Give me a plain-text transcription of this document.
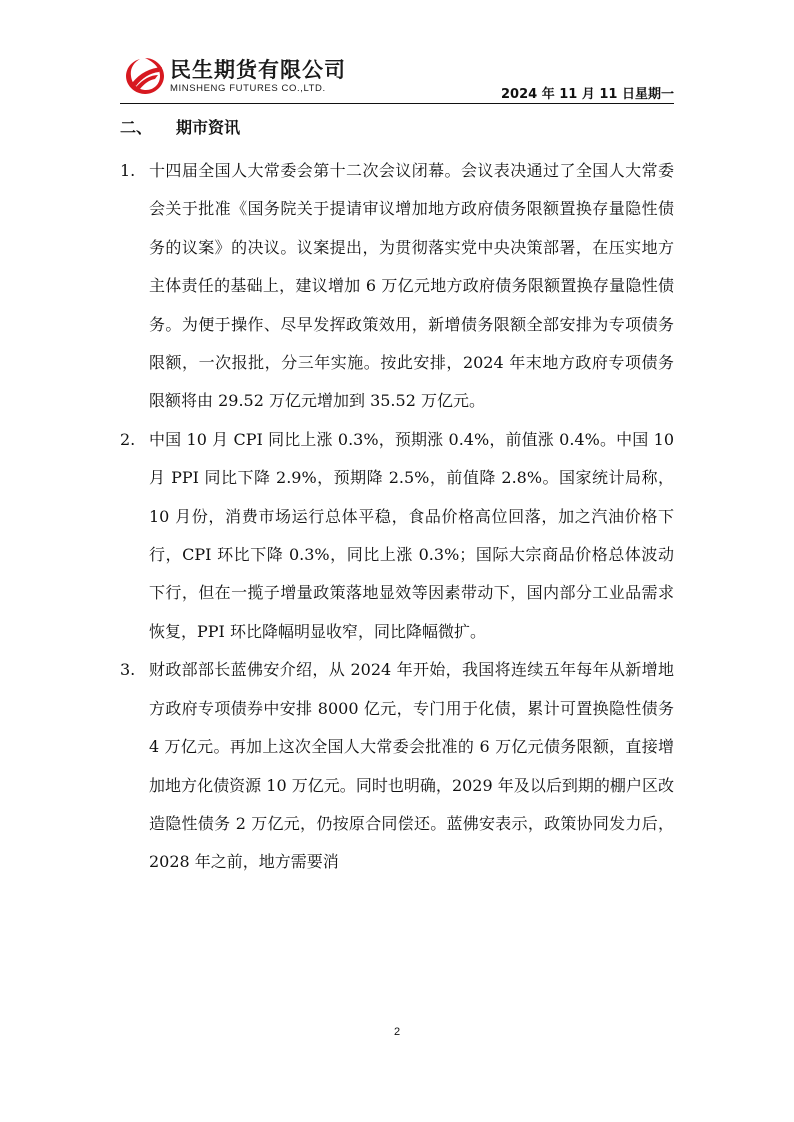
民生期货有限公司
MINSHENG FUTURES CO.,LTD.	2024 年 11 月 11 日星期一
二、 期市资讯

1. 十四届全国人大常委会第十二次会议闭幕。会议表决通过了全国人大常委会关于批准《国务院关于提请审议增加地方政府债务限额置换存量隐性债务的议案》的决议。议案提出，为贯彻落实党中央决策部署，在压实地方主体责任的基础上，建议增加 6 万亿元地方政府债务限额置换存量隐性债务。为便于操作、尽早发挥政策效用，新增债务限额全部安排为专项债务限额，一次报批，分三年实施。按此安排，2024 年末地方政府专项债务限额将由 29.52 万亿元增加到 35.52 万亿元。

2. 中国 10 月 CPI 同比上涨 0.3%，预期涨 0.4%，前值涨 0.4%。中国 10 月 PPI 同比下降 2.9%，预期降 2.5%，前值降 2.8%。国家统计局称，10 月份，消费市场运行总体平稳，食品价格高位回落，加之汽油价格下行，CPI 环比下降 0.3%，同比上涨 0.3%；国际大宗商品价格总体波动下行，但在一揽子增量政策落地显效等因素带动下，国内部分工业品需求恢复，PPI 环比降幅明显收窄，同比降幅微扩。

3. 财政部部长蓝佛安介绍，从 2024 年开始，我国将连续五年每年从新增地方政府专项债券中安排 8000 亿元，专门用于化债，累计可置换隐性债务 4 万亿元。再加上这次全国人大常委会批准的 6 万亿元债务限额，直接增加地方化债资源 10 万亿元。同时也明确，2029 年及以后到期的棚户区改造隐性债务 2 万亿元，仍按原合同偿还。蓝佛安表示，政策协同发力后，2028 年之前，地方需要消

2
